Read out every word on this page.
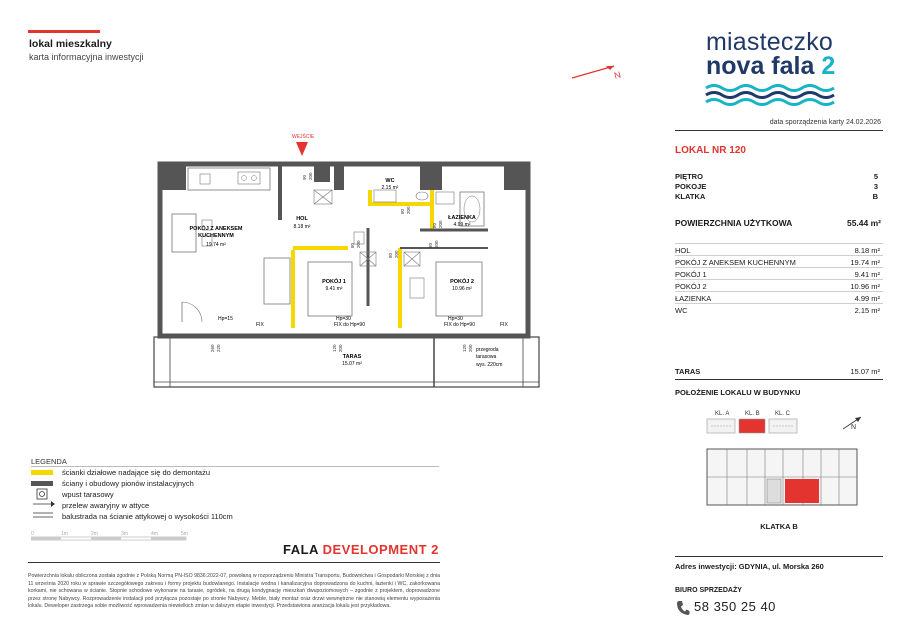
lokal mieszkalny
karta informacyjna inwestycji
N
miasteczko
nova fala 2
data sporządzenia karty 24.02.2026
LOKAL NR 120
PIĘTRO	5
POKOJE	3
KLATKA	B
POWIERZCHNIA UŻYTKOWA	55.44 m²
HOL	8.18 m²
POKÓJ Z ANEKSEM KUCHENNYM	19.74 m²
POKÓJ 1	9.41 m²
POKÓJ 2	10.96 m²
ŁAZIENKA	4.99 m²
WC	2.15 m²
TARAS	15.07 m²
POŁOŻENIE LOKALU W BUDYNKU
KL. A	KL. B	KL. C
N
KLATKA B
Adres inwestycji: GDYNIA, ul. Morska 260
BIURO SPRZEDAŻY
58 350 25 40
WEJŚCIE
POKÓJ Z ANEKSEM
KUCHENNYM
19.74 m²
HOL
8.18 m²
WC
2.15 m²
ŁAZIENKA
4.99 m²
POKÓJ 1
9.41 m²
POKÓJ 2
10.96 m²
TARAS
15.07 m²
Hp=15
FIX
Hp=30
FIX do Hp=90
Hp=30
FIX do Hp=90	FIX
przegroda
tarasowa
wys. 220cm
90 200
80 200
80 200
80 200
80 200
80 200
260 220	120 200	120 200
LEGENDA
ścianki działowe nadające się do demontażu
ściany i obudowy pionów instalacyjnych
wpust tarasowy
przelew awaryjny w attyce
balustrada na ścianie attykowej o wysokości 110cm
0	1m	2m	3m	4m	5m
FALA DEVELOPMENT 2
Powierzchnia lokalu obliczona została zgodnie z Polską Normą PN-ISO 9836:2022-07, powołaną w rozporządzeniu Ministra Transportu, Budownictwa i Gospodarki Morskiej z dnia 11 września 2020 roku w sprawie szczegółowego zakresu i formy projektu budowlanego. Instalacje wodna i kanalizacyjna doprowadzona do kuchni, łazienki i WC, zakorkowana korkami, nie schowana w ścianie. Stopnie schodowe wykonane na tarasie, ogródek, na drugą kondygnację mieszkań dwupoziomowych – zgodnie z projektem, doprowadzone przez stronę Nabywcy. Rozprowadzenie instalacji pod przyłącza pozostaje po stronie Nabywcy. Meble, biały montaż oraz drzwi wewnętrzne nie stanowią elementu wyposażenia lokalu. Deweloper zastrzega sobie możliwość wprowadzenia niewielkich zmian w dalszym etapie inwestycji. Przedstawiona aranżacja lokalu jest przykładowa.
